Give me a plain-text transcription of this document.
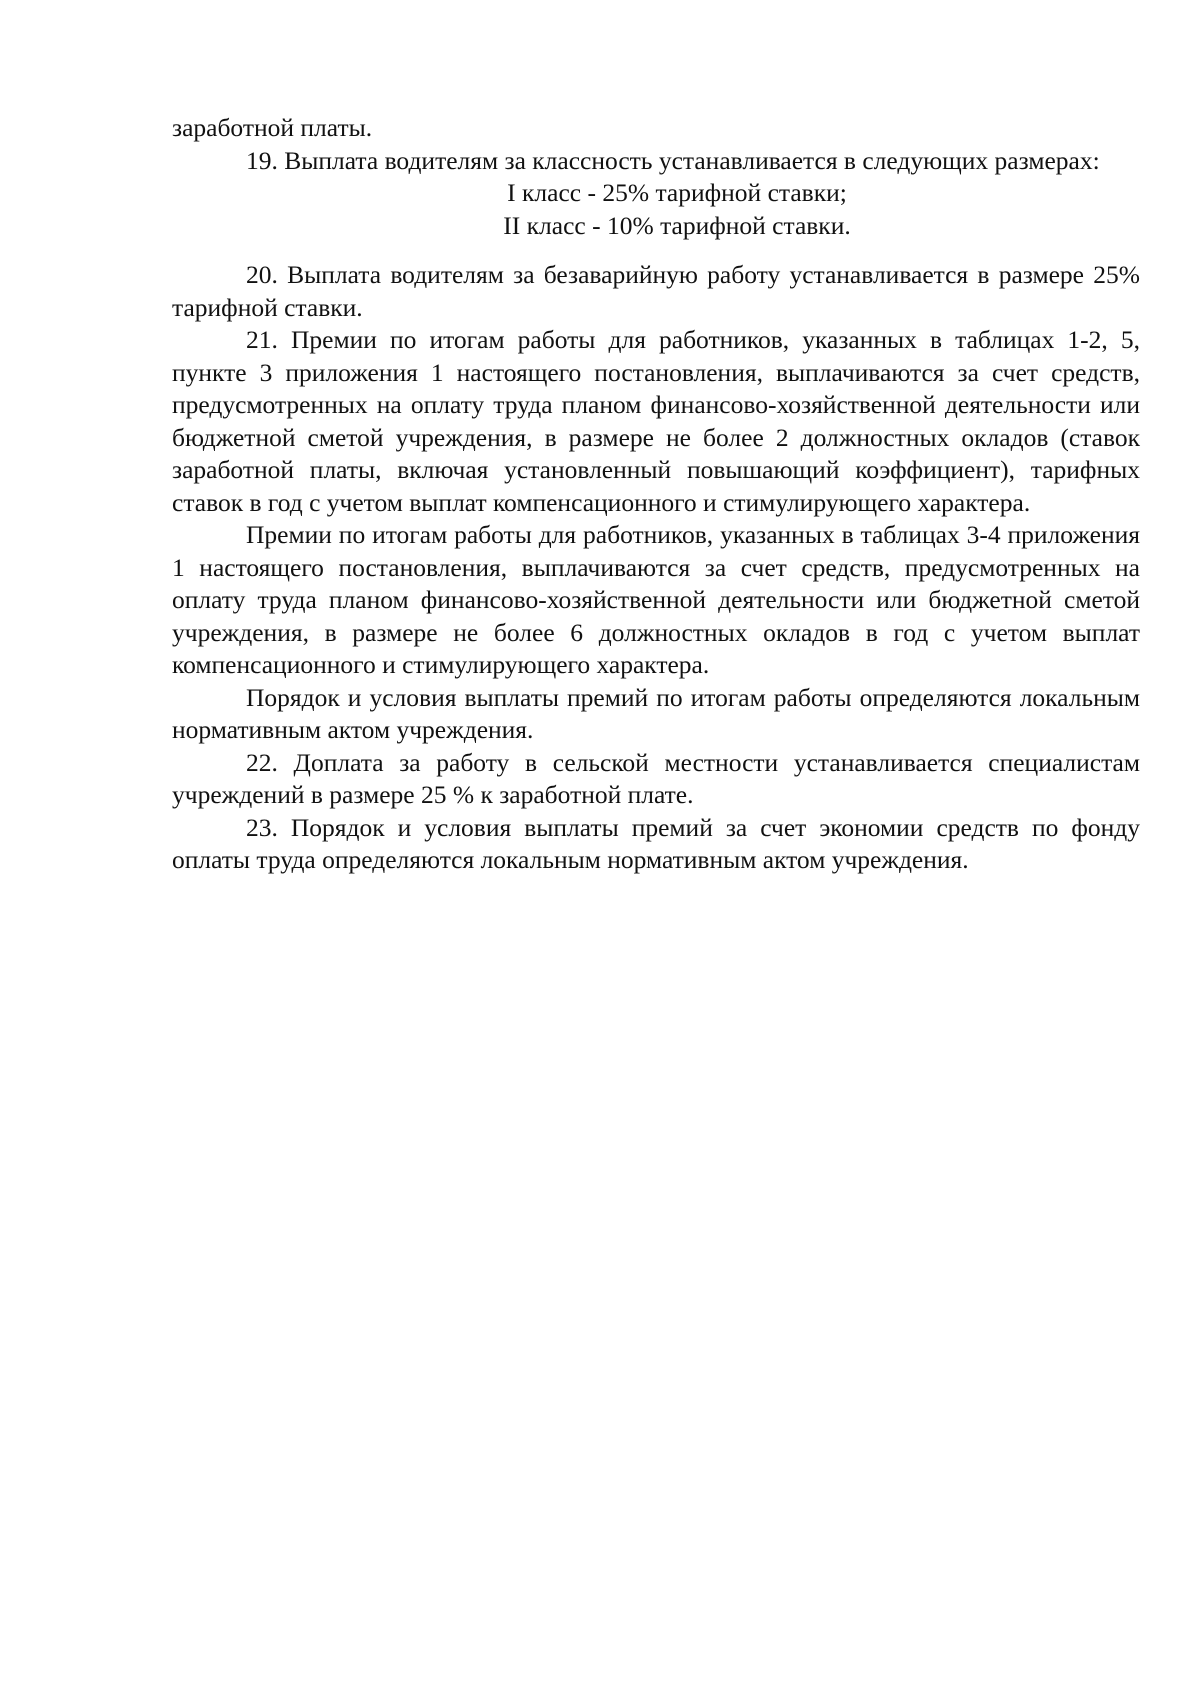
заработной платы.

19. Выплата водителям за классность устанавливается в следующих размерах:

I класс - 25% тарифной ставки;

II класс - 10% тарифной ставки.

20. Выплата водителям за безаварийную работу устанавливается в размере 25% тарифной ставки.

21. Премии по итогам работы для работников, указанных в таблицах 1-2, 5, пункте 3 приложения 1 настоящего постановления, выплачиваются за счет средств, предусмотренных на оплату труда планом финансово-хозяйственной деятельности или бюджетной сметой учреждения, в размере не более 2 должностных окладов (ставок заработной платы, включая установленный повышающий коэффициент), тарифных ставок в год с учетом выплат компенсационного и стимулирующего характера.

Премии по итогам работы для работников, указанных в таблицах 3-4 приложения 1 настоящего постановления, выплачиваются за счет средств, предусмотренных на оплату труда планом финансово-хозяйственной деятельности или бюджетной сметой учреждения, в размере не более 6 должностных окладов в год с учетом выплат компенсационного и стимулирующего характера.

Порядок и условия выплаты премий по итогам работы определяются локальным нормативным актом учреждения.

22. Доплата за работу в сельской местности устанавливается специалистам учреждений в размере 25 % к заработной плате.

23. Порядок и условия выплаты премий за счет экономии средств по фонду оплаты труда определяются локальным нормативным актом учреждения.
